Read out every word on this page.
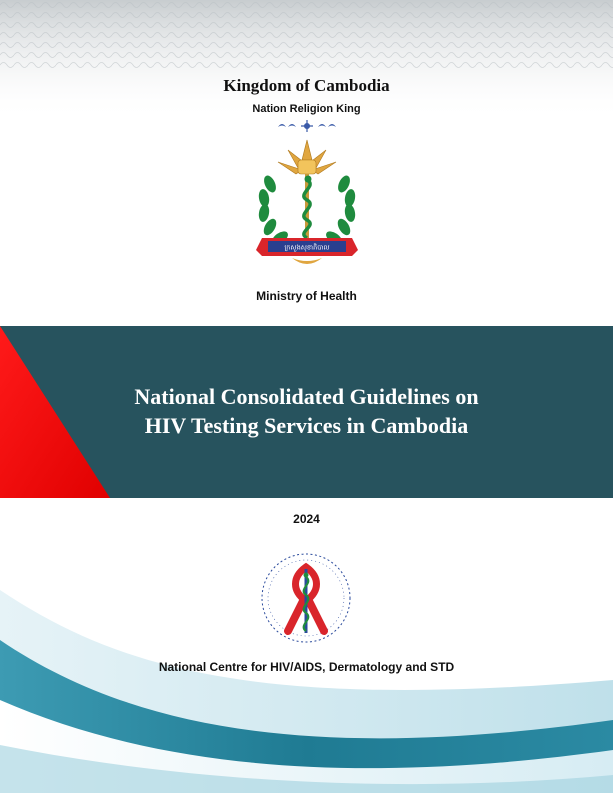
Kingdom of Cambodia
Nation Religion King
ក្រសួងសុខាភិបាល
Ministry of Health
National Consolidated Guidelines on
HIV Testing Services in Cambodia
2024
National Centre for HIV/AIDS, Dermatology and STD
